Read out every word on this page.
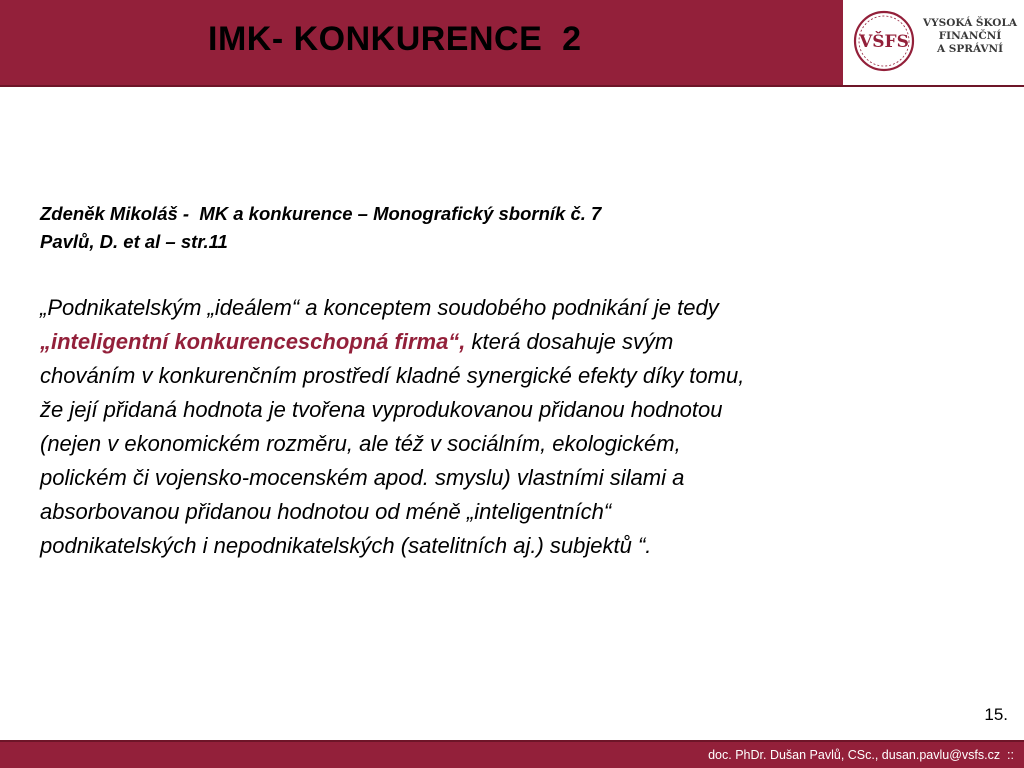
IMK- KONKURENCE  2	VŠFS
VYSOKÁ ŠKOLA
FINANČNÍ
A SPRÁVNÍ
Zdeněk Mikoláš -  MK a konkurence – Monografický sborník č. 7
Pavlů, D. et al – str.11
„Podnikatelským „ideálem“ a konceptem soudobého podnikání je tedy
„inteligentní konkurenceschopná firma“, která dosahuje svým
chováním v konkurenčním prostředí kladné synergické efekty díky tomu,
že její přidaná hodnota je tvořena vyprodukovanou přidanou hodnotou
(nejen v ekonomickém rozměru, ale též v sociálním, ekologickém,
polickém či vojensko-mocenském apod. smyslu) vlastními silami a
absorbovanou přidanou hodnotou od méně „inteligentních“
podnikatelských i nepodnikatelských (satelitních aj.) subjektů “.
15.
doc. PhDr. Dušan Pavlů, CSc., dusan.pavlu@vsfs.cz  ::
